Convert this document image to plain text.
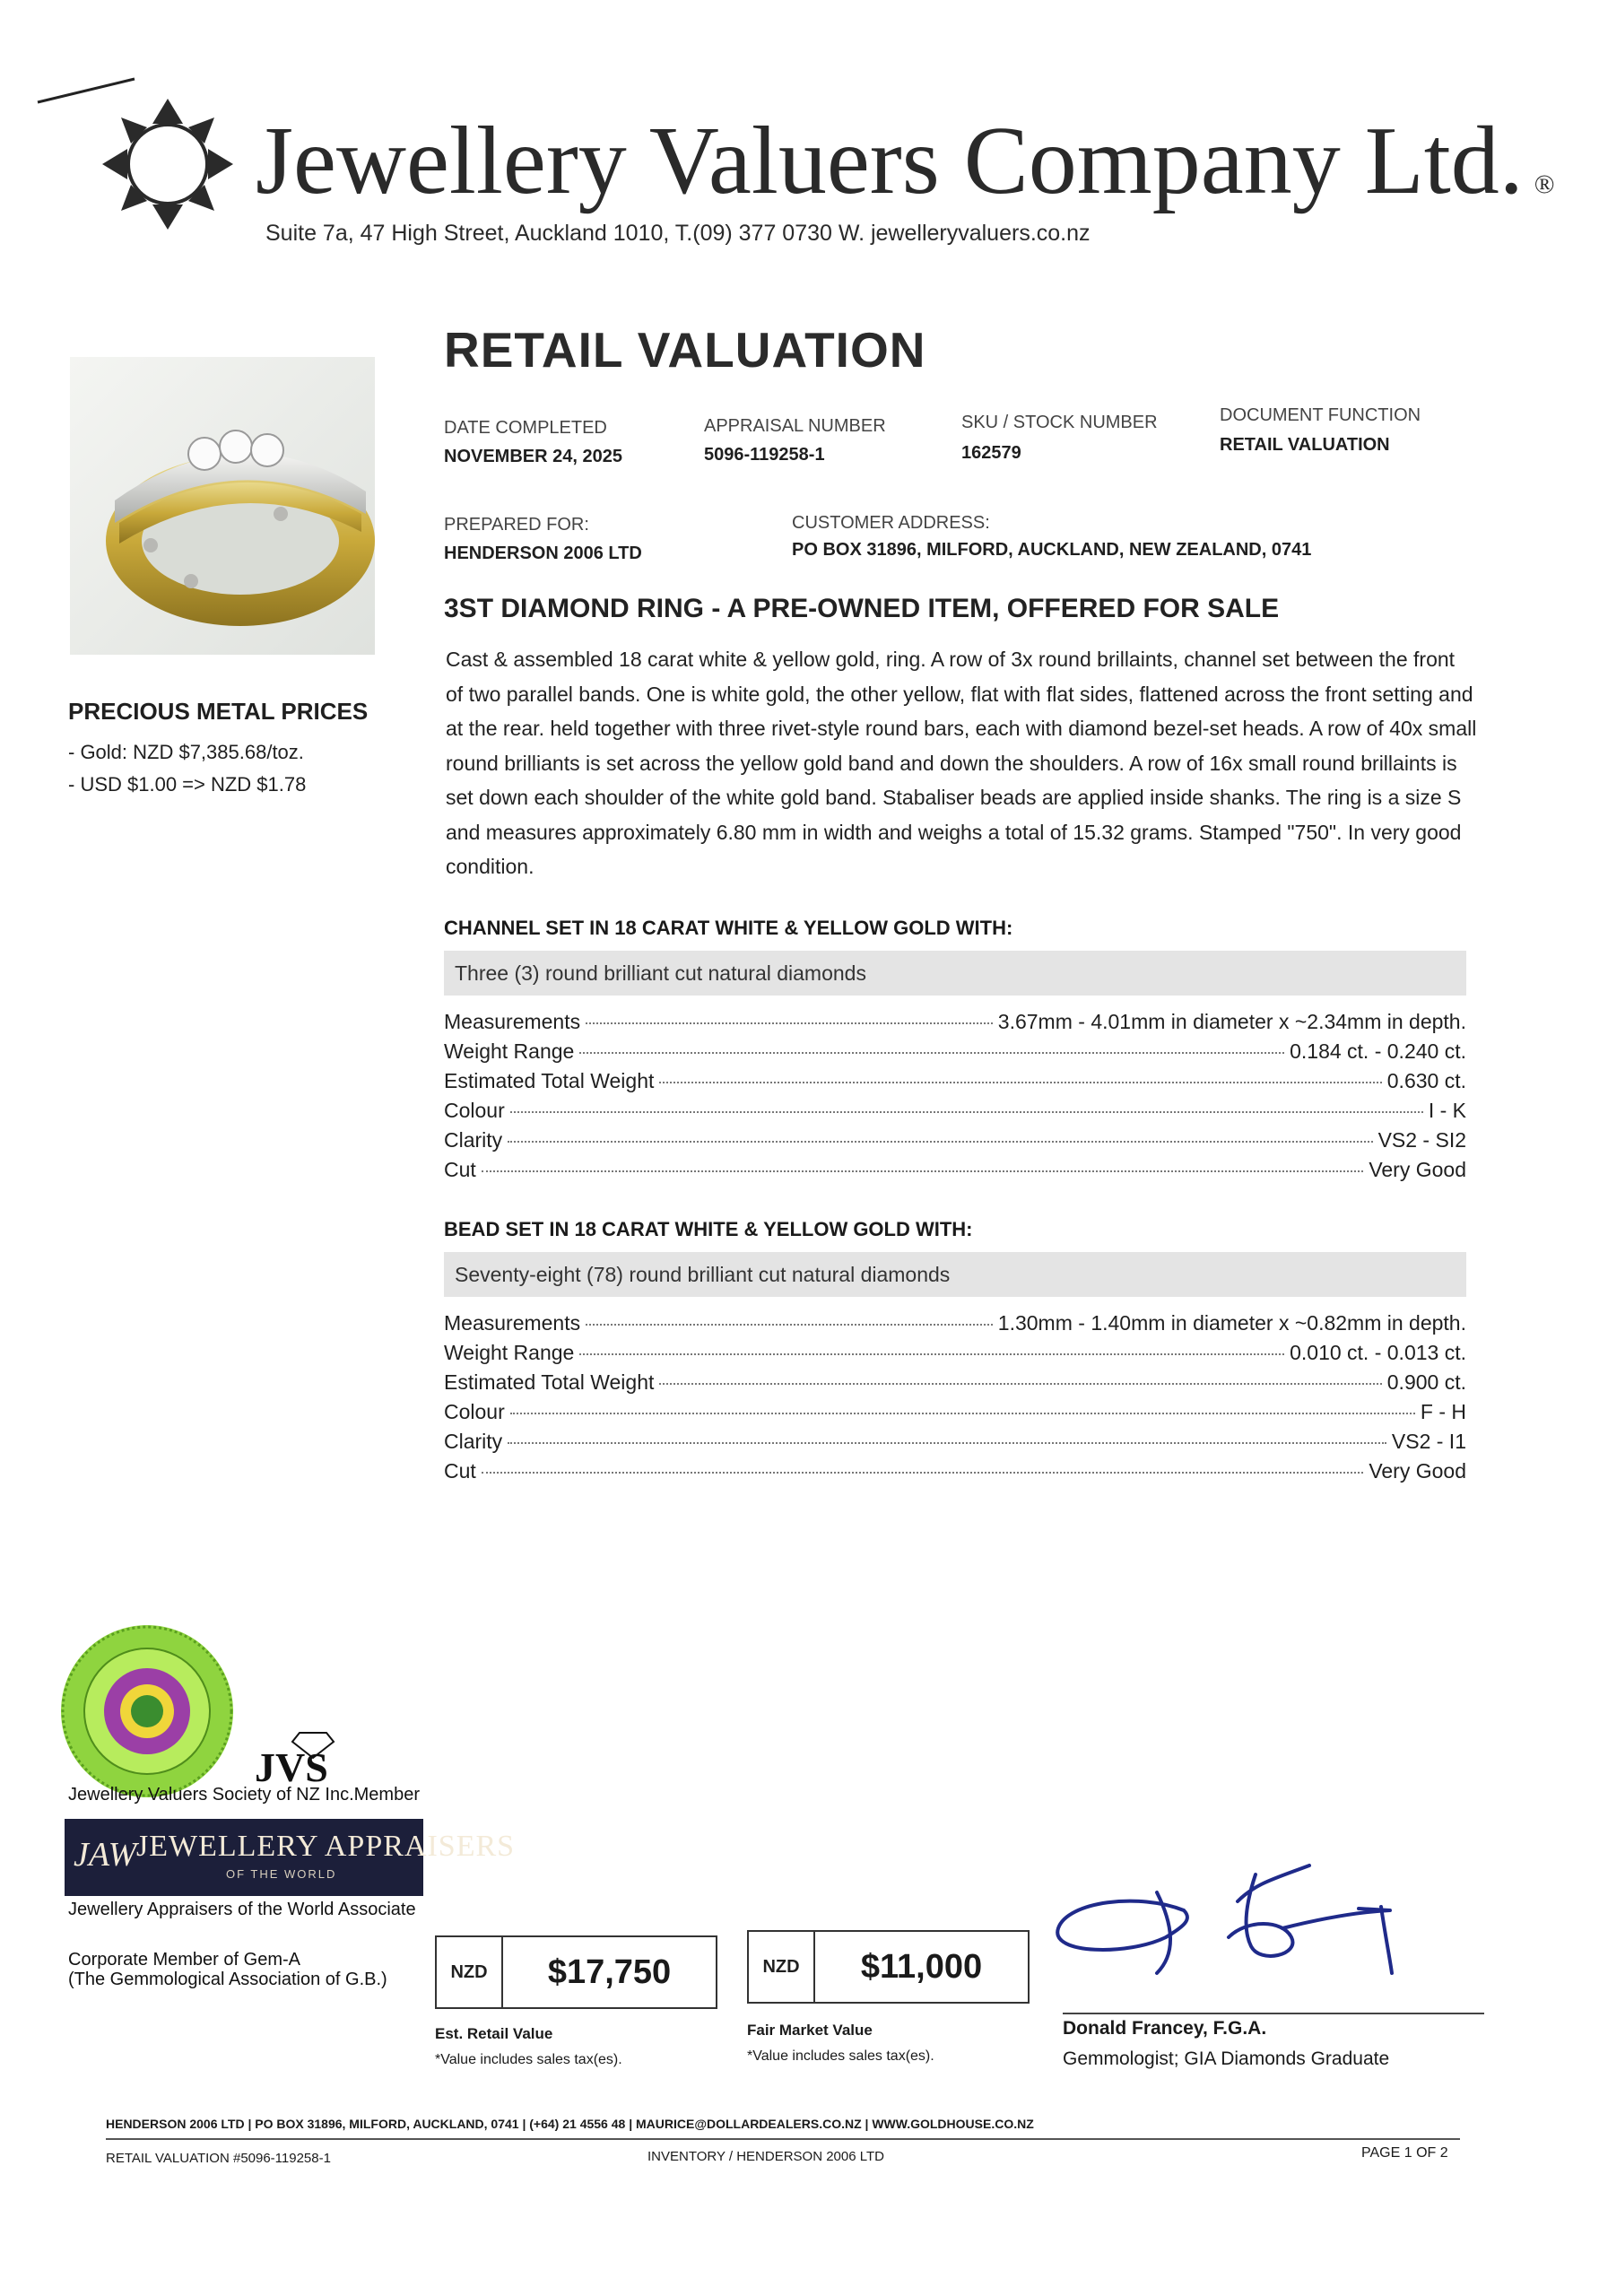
Jewellery Valuers Company Ltd. ®
Suite 7a, 47 High Street, Auckland 1010, T.(09) 377 0730 W. jewelleryvaluers.co.nz
PRECIOUS METAL PRICES
- Gold: NZD $7,385.68/toz.
- USD $1.00 => NZD $1.78
RETAIL VALUATION
DATE COMPLETED
NOVEMBER 24, 2025
APPRAISAL NUMBER
5096-119258-1
SKU / STOCK NUMBER
162579
DOCUMENT FUNCTION
RETAIL VALUATION
PREPARED FOR:
HENDERSON 2006 LTD
CUSTOMER ADDRESS:
PO BOX 31896, MILFORD, AUCKLAND, NEW ZEALAND, 0741
3ST DIAMOND RING - A PRE-OWNED ITEM, OFFERED FOR SALE
Cast & assembled 18 carat white & yellow gold, ring. A row of 3x round brillaints, channel set between the front of two parallel bands. One is white gold, the other yellow, flat with flat sides, flattened across the front setting and at the rear. held together with three rivet-style round bars, each with diamond bezel-set heads. A row of 40x small round brilliants is set across the yellow gold band and down the shoulders. A row of 16x small round brillaints is set down each shoulder of the white gold band. Stabaliser beads are applied inside shanks. The ring is a size S and measures approximately 6.80 mm in width and weighs a total of 15.32 grams. Stamped "750". In very good condition.
CHANNEL SET IN 18 CARAT WHITE & YELLOW GOLD WITH:
Three (3) round brilliant cut natural diamonds
Measurements	3.67mm - 4.01mm in diameter x ~2.34mm in depth.
Weight Range	0.184 ct. - 0.240 ct.
Estimated Total Weight	0.630 ct.
Colour	I - K
Clarity	VS2 - SI2
Cut	Very Good
BEAD SET IN 18 CARAT WHITE & YELLOW GOLD WITH:
Seventy-eight (78) round brilliant cut natural diamonds
Measurements	1.30mm - 1.40mm in diameter x ~0.82mm in depth.
Weight Range	0.010 ct. - 0.013 ct.
Estimated Total Weight	0.900 ct.
Colour	F - H
Clarity	VS2 - I1
Cut	Very Good
JVS
Jewellery Valuers Society of NZ Inc.Member
JAW JEWELLERY APPRAISERS
OF THE WORLD
Jewellery Appraisers of the World Associate
Corporate Member of Gem-A
(The Gemmological Association of G.B.)	NZD	$17,750
Est. Retail Value
*Value includes sales tax(es).
NZD	$11,000
Fair Market Value
*Value includes sales tax(es).
Donald Francey, F.G.A.
Gemmologist; GIA Diamonds Graduate
HENDERSON 2006 LTD | PO BOX 31896, MILFORD, AUCKLAND, 0741 | (+64) 21 4556 48 | MAURICE@DOLLARDEALERS.CO.NZ | WWW.GOLDHOUSE.CO.NZ
RETAIL VALUATION #5096-119258-1	INVENTORY / HENDERSON 2006 LTD	PAGE 1 OF 2
